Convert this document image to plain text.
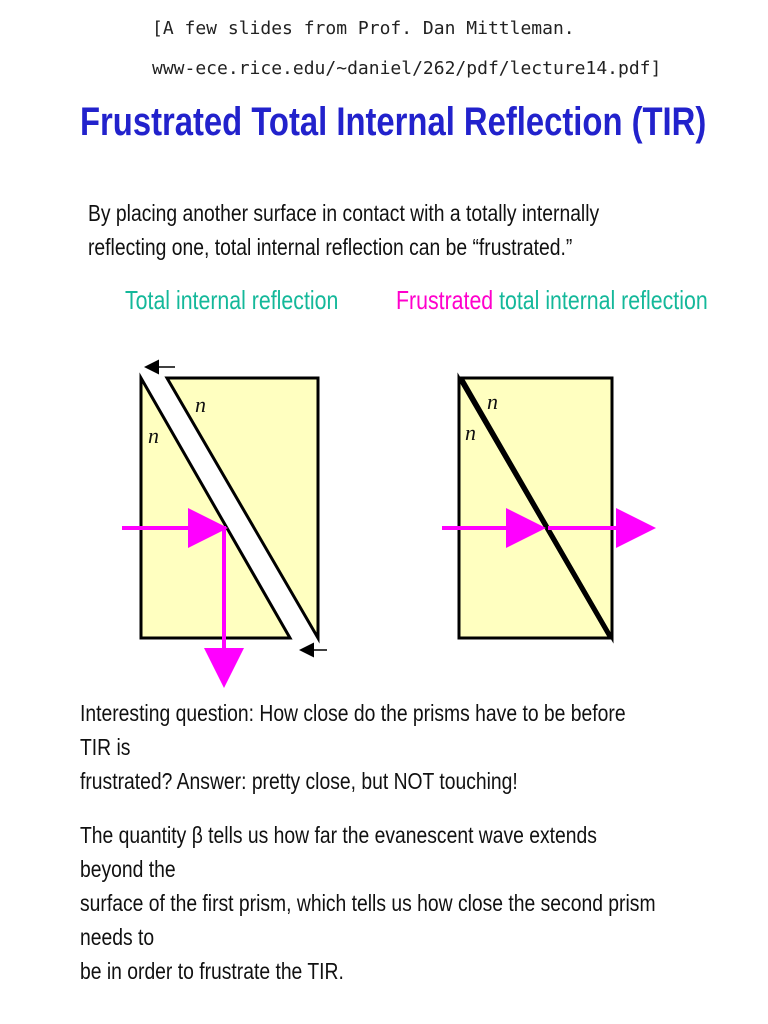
[A few slides from Prof. Dan Mittleman.
www-ece.rice.edu/~daniel/262/pdf/lecture14.pdf]
Frustrated Total Internal Reflection (TIR)
By placing another surface in contact with a totally internally
reflecting one, total internal reflection can be “frustrated.”
Total internal reflection Frustrated total internal reflection
n
n
n
n
Interesting question: How close do the prisms have to be before TIR is
frustrated? Answer: pretty close, but NOT touching!
The quantity β tells us how far the evanescent wave extends beyond the
surface of the first prism, which tells us how close the second prism needs to
be in order to frustrate the TIR.
